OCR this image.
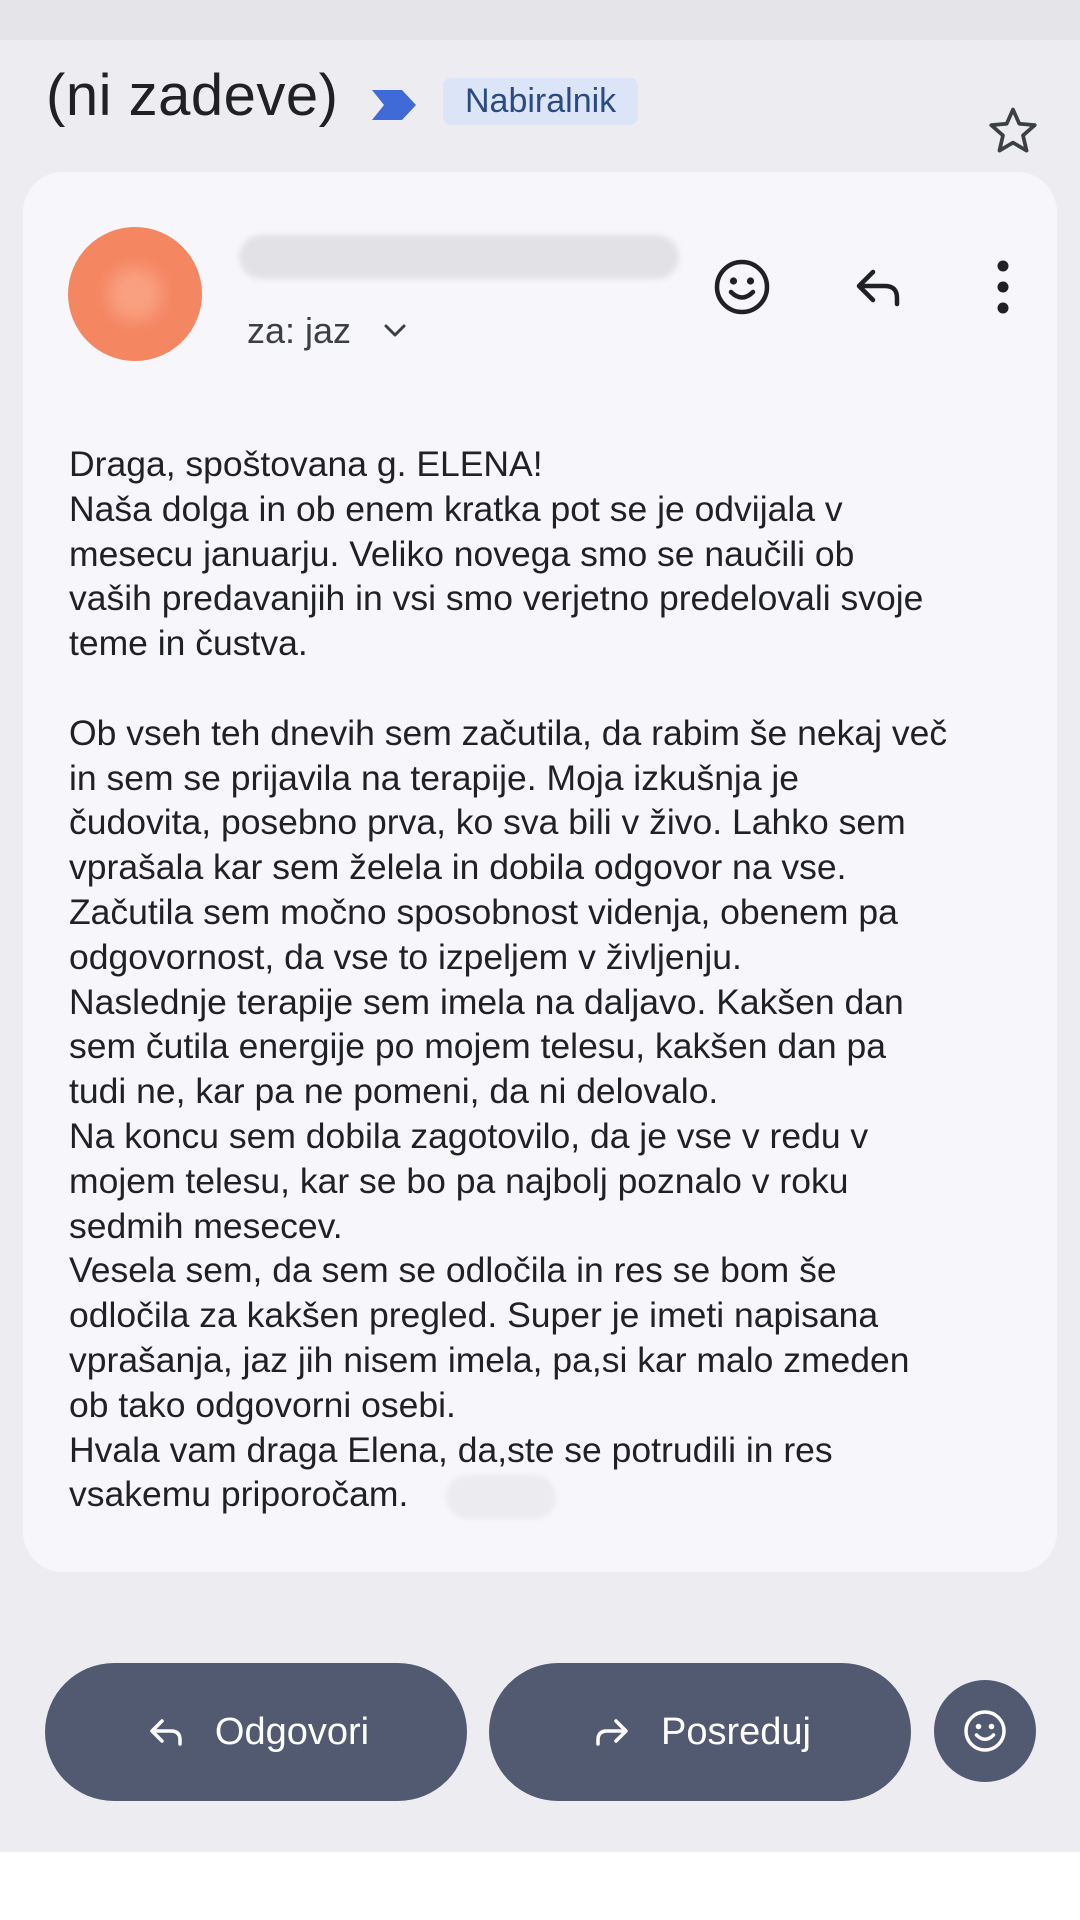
(ni zadeve)	Nabiralnik
za: jaz
Draga, spoštovana g. ELENA!
Naša dolga in ob enem kratka pot se je odvijala v
mesecu januarju. Veliko novega smo se naučili ob
vaših predavanjih in vsi smo verjetno predelovali svoje
teme in čustva.
Ob vseh teh dnevih sem začutila, da rabim še nekaj več
in sem se prijavila na terapije. Moja izkušnja je
čudovita, posebno prva, ko sva bili v živo. Lahko sem
vprašala kar sem želela in dobila odgovor na vse.
Začutila sem močno sposobnost videnja, obenem pa
odgovornost, da vse to izpeljem v življenju.
Naslednje terapije sem imela na daljavo. Kakšen dan
sem čutila energije po mojem telesu, kakšen dan pa
tudi ne, kar pa ne pomeni, da ni delovalo.
Na koncu sem dobila zagotovilo, da je vse v redu v
mojem telesu, kar se bo pa najbolj poznalo v roku
sedmih mesecev.
Vesela sem, da sem se odločila in res se bom še
odločila za kakšen pregled. Super je imeti napisana
vprašanja, jaz jih nisem imela, pa,si kar malo zmeden
ob tako odgovorni osebi.
Hvala vam draga Elena, da,ste se potrudili in res
vsakemu priporočam.
Odgovori	Posreduj
